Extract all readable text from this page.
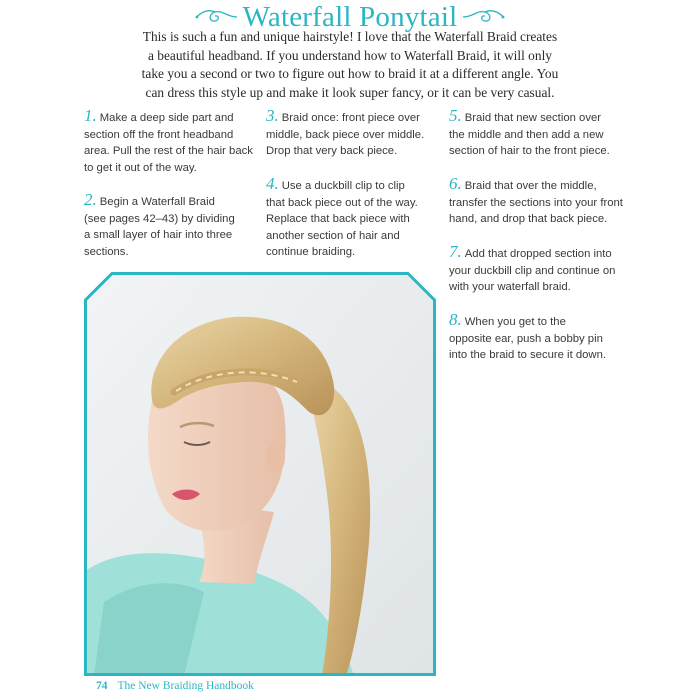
Waterfall Ponytail
This is such a fun and unique hairstyle! I love that the Waterfall Braid creates
a beautiful headband. If you understand how to Waterfall Braid, it will only
take you a second or two to figure out how to braid it at a different angle. You
can dress this style up and make it look super fancy, or it can be very casual.
1. Make a deep side part and
section off the front headband
area. Pull the rest of the hair back
to get it out of the way.
2. Begin a Waterfall Braid
(see pages 42–43) by dividing
a small layer of hair into three
sections.
3. Braid once: front piece over
middle, back piece over middle.
Drop that very back piece.
4. Use a duckbill clip to clip
that back piece out of the way.
Replace that back piece with
another section of hair and
continue braiding.
5. Braid that new section over
the middle and then add a new
section of hair to the front piece.
6. Braid that over the middle,
transfer the sections into your front
hand, and drop that back piece.
7. Add that dropped section into
your duckbill clip and continue on
with your waterfall braid.
8. When you get to the
opposite ear, push a bobby pin
into the braid to secure it down.
74 The New Braiding Handbook
